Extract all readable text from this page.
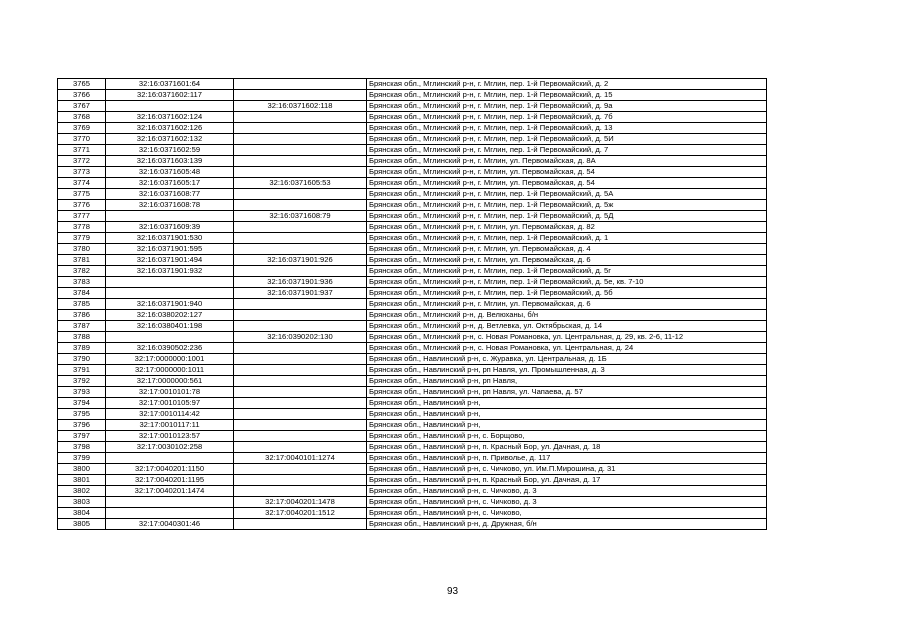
3765	32:16:0371601:64		Брянская обл., Мглинский р-н, г. Мглин, пер. 1-й Первомайский, д. 2
3766	32:16:0371602:117		Брянская обл., Мглинский р-н, г. Мглин, пер. 1-й Первомайский, д. 15
3767		32:16:0371602:118	Брянская обл., Мглинский р-н, г. Мглин, пер. 1-й Первомайский, д. 9а
3768	32:16:0371602:124		Брянская обл., Мглинский р-н, г. Мглин, пер. 1-й Первомайский, д. 7б
3769	32:16:0371602:126		Брянская обл., Мглинский р-н, г. Мглин, пер. 1-й Первомайский, д. 13
3770	32:16:0371602:132		Брянская обл., Мглинский р-н, г. Мглин, пер. 1-й Первомайский, д. 5И
3771	32:16:0371602:59		Брянская обл., Мглинский р-н, г. Мглин, пер. 1-й Первомайский, д. 7
3772	32:16:0371603:139		Брянская обл., Мглинский р-н, г. Мглин, ул. Первомайская, д. 8А
3773	32:16:0371605:48		Брянская обл., Мглинский р-н, г. Мглин, ул. Первомайская, д. 54
3774	32:16:0371605:17	32:16:0371605:53	Брянская обл., Мглинский р-н, г. Мглин, ул. Первомайская, д. 54
3775	32:16:0371608:77		Брянская обл., Мглинский р-н, г. Мглин, пер. 1-й Первомайский, д. 5А
3776	32:16:0371608:78		Брянская обл., Мглинский р-н, г. Мглин, пер. 1-й Первомайский, д. 5ж
3777		32:16:0371608:79	Брянская обл., Мглинский р-н, г. Мглин, пер. 1-й Первомайский, д. 5Д
3778	32:16:0371609:39		Брянская обл., Мглинский р-н, г. Мглин, ул. Первомайская, д. 82
3779	32:16:0371901:530		Брянская обл., Мглинский р-н, г. Мглин, пер. 1-й Первомайский, д. 1
3780	32:16:0371901:595		Брянская обл., Мглинский р-н, г. Мглин, ул. Первомайская, д. 4
3781	32:16:0371901:494	32:16:0371901:926	Брянская обл., Мглинский р-н, г. Мглин, ул. Первомайская, д. 6
3782	32:16:0371901:932		Брянская обл., Мглинский р-н, г. Мглин, пер. 1-й Первомайский, д. 5г
3783		32:16:0371901:936	Брянская обл., Мглинский р-н, г. Мглин, пер. 1-й Первомайский, д. 5е, кв. 7-10
3784		32:16:0371901:937	Брянская обл., Мглинский р-н, г. Мглин, пер. 1-й Первомайский, д. 5б
3785	32:16:0371901:940		Брянская обл., Мглинский р-н, г. Мглин, ул. Первомайская, д. 6
3786	32:16:0380202:127		Брянская обл., Мглинский р-н, д. Велюханы, б/н
3787	32:16:0380401:198		Брянская обл., Мглинский р-н, д. Ветлевка, ул. Октябрьская, д. 14
3788		32:16:0390202:130	Брянская обл., Мглинский р-н, с. Новая Романовка, ул. Центральная, д. 29, кв. 2-6, 11-12
3789	32:16:0390502:236		Брянская обл., Мглинский р-н, с. Новая Романовка, ул. Центральная, д. 24
3790	32:17:0000000:1001		Брянская обл., Навлинский р-н, с. Журавка, ул. Центральная, д. 1Б
3791	32:17:0000000:1011		Брянская обл., Навлинский р-н, рп Навля, ул. Промышленная, д. 3
3792	32:17:0000000:561		Брянская обл., Навлинский р-н, рп Навля,
3793	32:17:0010101:78		Брянская обл., Навлинский р-н, рп Навля, ул. Чапаева, д. 57
3794	32:17:0010105:97		Брянская обл., Навлинский р-н,
3795	32:17:0010114:42		Брянская обл., Навлинский р-н,
3796	32:17:0010117:11		Брянская обл., Навлинский р-н,
3797	32:17:0010123:57		Брянская обл., Навлинский р-н, с. Борщово,
3798	32:17:0030102:258		Брянская обл., Навлинский р-н, п. Красный Бор, ул. Дачная, д. 18
3799		32:17:0040101:1274	Брянская обл., Навлинский р-н, п. Приволье, д. 117
3800	32:17:0040201:1150		Брянская обл., Навлинский р-н, с. Чичково, ул. Им.П.Мирошина, д. 31
3801	32:17:0040201:1195		Брянская обл., Навлинский р-н, п. Красный Бор, ул. Дачная, д. 17
3802	32:17:0040201:1474		Брянская обл., Навлинский р-н, с. Чичково, д. 3
3803		32:17:0040201:1478	Брянская обл., Навлинский р-н, с. Чичково, д. 3
3804		32:17:0040201:1512	Брянская обл., Навлинский р-н, с. Чичково,
3805	32:17:0040301:46		Брянская обл., Навлинский р-н, д. Дружная, б/н
93
